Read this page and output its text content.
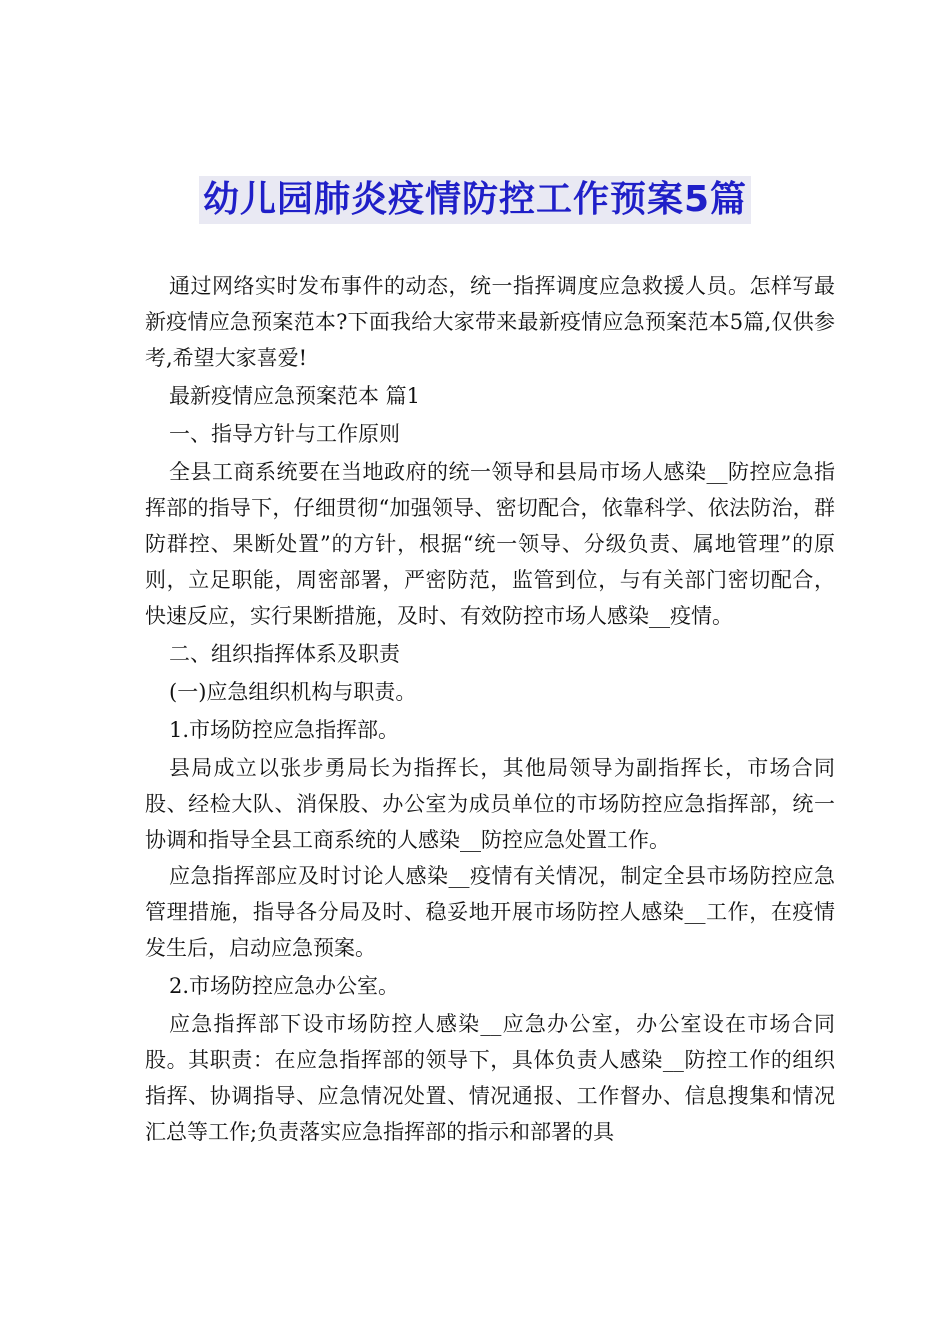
幼儿园肺炎疫情防控工作预案5篇

通过网络实时发布事件的动态，统一指挥调度应急救援人员。怎样写最新疫情应急预案范本?下面我给大家带来最新疫情应急预案范本5篇,仅供参考,希望大家喜爱!

最新疫情应急预案范本 篇1

一、指导方针与工作原则

全县工商系统要在当地政府的统一领导和县局市场人感染__防控应急指挥部的指导下，仔细贯彻“加强领导、密切配合，依靠科学、依法防治，群防群控、果断处置”的方针，根据“统一领导、分级负责、属地管理”的原则，立足职能，周密部署，严密防范，监管到位，与有关部门密切配合，快速反应，实行果断措施，及时、有效防控市场人感染__疫情。

二、组织指挥体系及职责

(一)应急组织机构与职责。

1.市场防控应急指挥部。

县局成立以张步勇局长为指挥长，其他局领导为副指挥长，市场合同股、经检大队、消保股、办公室为成员单位的市场防控应急指挥部，统一协调和指导全县工商系统的人感染__防控应急处置工作。

应急指挥部应及时讨论人感染__疫情有关情况，制定全县市场防控应急管理措施，指导各分局及时、稳妥地开展市场防控人感染__工作，在疫情发生后，启动应急预案。

2.市场防控应急办公室。

应急指挥部下设市场防控人感染__应急办公室，办公室设在市场合同股。其职责：在应急指挥部的领导下，具体负责人感染__防控工作的组织指挥、协调指导、应急情况处置、情况通报、工作督办、信息搜集和情况汇总等工作;负责落实应急指挥部的指示和部署的具
